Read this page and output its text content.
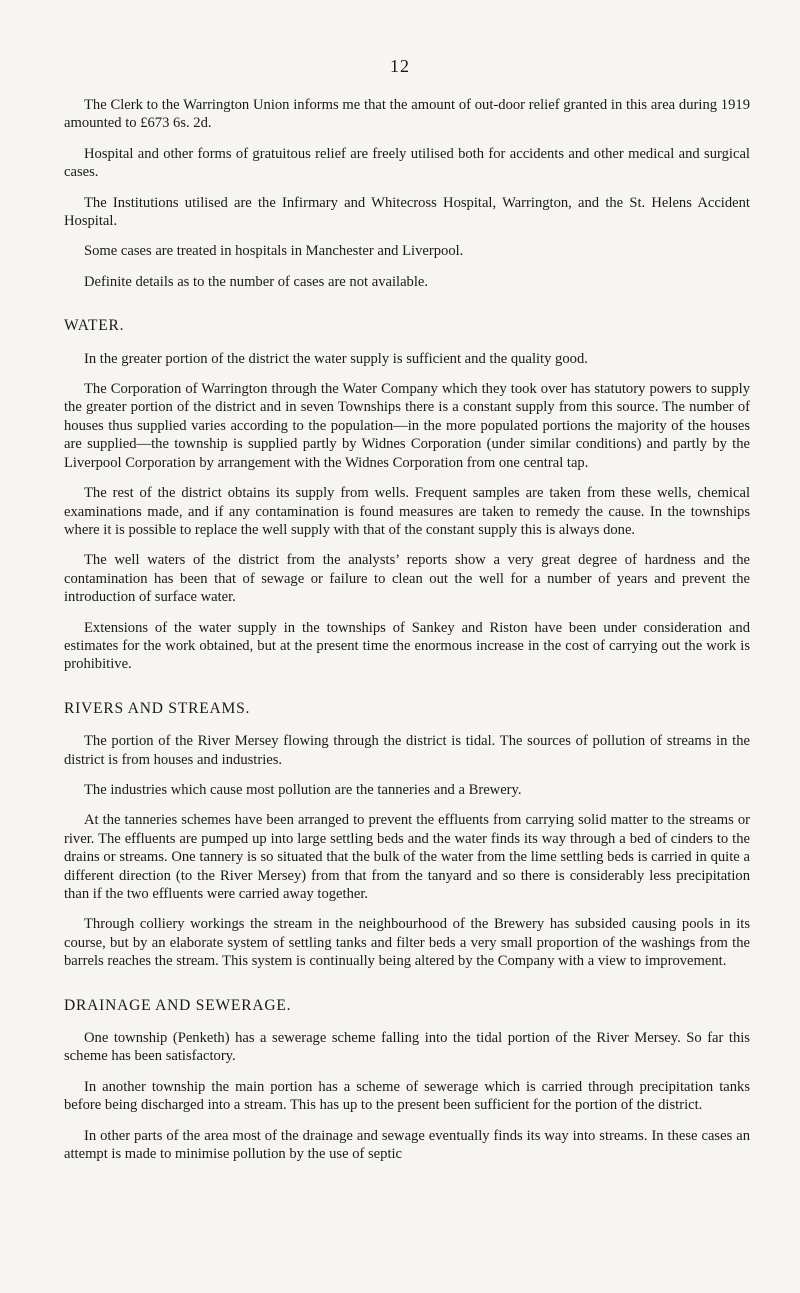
12

The Clerk to the Warrington Union informs me that the amount of out-door relief granted in this area during 1919 amounted to £673 6s. 2d.

Hospital and other forms of gratuitous relief are freely utilised both for accidents and other medical and surgical cases.

The Institutions utilised are the Infirmary and Whitecross Hospital, Warrington, and the St. Helens Accident Hospital.

Some cases are treated in hospitals in Manchester and Liverpool.

Definite details as to the number of cases are not available.

WATER.

In the greater portion of the district the water supply is sufficient and the quality good.

The Corporation of Warrington through the Water Company which they took over has statutory powers to supply the greater portion of the district and in seven Townships there is a constant supply from this source. The number of houses thus supplied varies according to the population—in the more populated portions the majority of the houses are supplied—the township is supplied partly by Widnes Corporation (under similar conditions) and partly by the Liverpool Corporation by arrangement with the Widnes Corporation from one central tap.

The rest of the district obtains its supply from wells. Frequent samples are taken from these wells, chemical examinations made, and if any contamination is found measures are taken to remedy the cause. In the townships where it is possible to replace the well supply with that of the constant supply this is always done.

The well waters of the district from the analysts’ reports show a very great degree of hardness and the contamination has been that of sewage or failure to clean out the well for a number of years and prevent the introduction of surface water.

Extensions of the water supply in the townships of Sankey and Riston have been under consideration and estimates for the work obtained, but at the present time the enormous increase in the cost of carrying out the work is prohibitive.

RIVERS AND STREAMS.

The portion of the River Mersey flowing through the district is tidal. The sources of pollution of streams in the district is from houses and industries.

The industries which cause most pollution are the tanneries and a Brewery.

At the tanneries schemes have been arranged to prevent the effluents from carrying solid matter to the streams or river. The effluents are pumped up into large settling beds and the water finds its way through a bed of cinders to the drains or streams. One tannery is so situated that the bulk of the water from the lime settling beds is carried in quite a different direction (to the River Mersey) from that from the tanyard and so there is considerably less precipitation than if the two effluents were carried away together.

Through colliery workings the stream in the neighbourhood of the Brewery has subsided causing pools in its course, but by an elaborate system of settling tanks and filter beds a very small proportion of the washings from the barrels reaches the stream. This system is continually being altered by the Company with a view to improvement.

DRAINAGE AND SEWERAGE.

One township (Penketh) has a sewerage scheme falling into the tidal portion of the River Mersey. So far this scheme has been satisfactory.

In another township the main portion has a scheme of sewerage which is carried through precipitation tanks before being discharged into a stream. This has up to the present been sufficient for the portion of the district.

In other parts of the area most of the drainage and sewage eventually finds its way into streams. In these cases an attempt is made to minimise pollution by the use of septic
